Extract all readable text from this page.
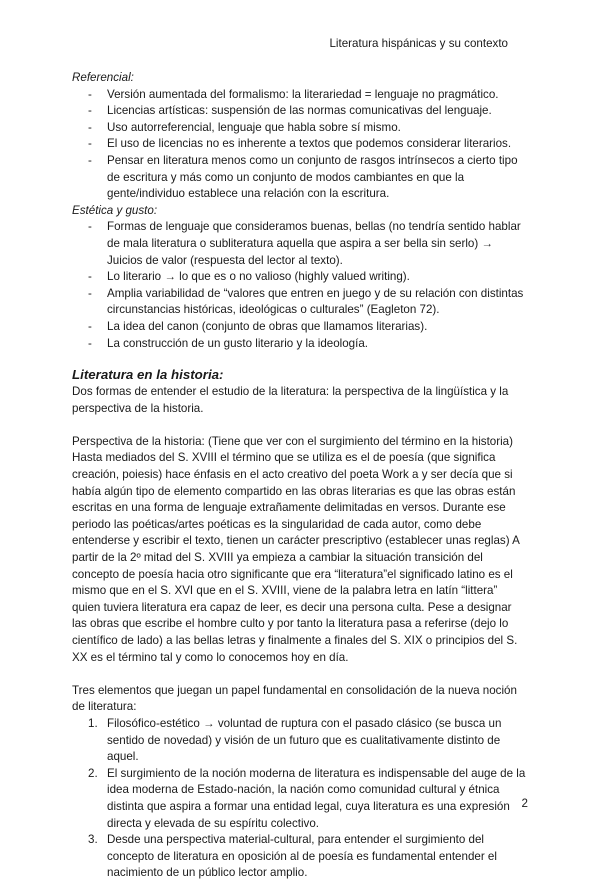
Literatura hispánicas y su contexto

Referencial:

- Versión aumentada del formalismo: la literariedad = lenguaje no pragmático.
- Licencias artísticas: suspensión de las normas comunicativas del lenguaje.
- Uso autorreferencial, lenguaje que habla sobre sí mismo.
- El uso de licencias no es inherente a textos que podemos considerar literarios.
- Pensar en literatura menos como un conjunto de rasgos intrínsecos a cierto tipo de escritura y más como un conjunto de modos cambiantes en que la gente/individuo establece una relación con la escritura.

Estética y gusto:

- Formas de lenguaje que consideramos buenas, bellas (no tendría sentido hablar de mala literatura o subliteratura aquella que aspira a ser bella sin serlo) → Juicios de valor (respuesta del lector al texto).
- Lo literario → lo que es o no valioso (highly valued writing).
- Amplia variabilidad de “valores que entren en juego y de su relación con distintas circunstancias históricas, ideológicas o culturales” (Eagleton 72).
- La idea del canon (conjunto de obras que llamamos literarias).
- La construcción de un gusto literario y la ideología.

Literatura en la historia:

Dos formas de entender el estudio de la literatura: la perspectiva de la lingüística y la perspectiva de la historia.

Perspectiva de la historia: (Tiene que ver con el surgimiento del término en la historia) Hasta mediados del S. XVIII el término que se utiliza es el de poesía (que significa creación, poiesis) hace énfasis en el acto creativo del poeta Work a y ser decía que si había algún tipo de elemento compartido en las obras literarias es que las obras están escritas en una forma de lenguaje extrañamente delimitadas en versos. Durante ese periodo las poéticas/artes poéticas es la singularidad de cada autor, como debe entenderse y escribir el texto, tienen un carácter prescriptivo (establecer unas reglas) A partir de la 2º mitad del S. XVIII ya empieza a cambiar la situación transición del concepto de poesía hacia otro significante que era “literatura”el significado latino es el mismo que en el S. XVI que en el S. XVIII, viene de la palabra letra en latín “littera” quien tuviera literatura era capaz de leer, es decir una persona culta. Pese a designar las obras que escribe el hombre culto y por tanto la literatura pasa a referirse (dejo lo científico de lado) a las bellas letras y finalmente a finales del S. XIX o principios del S. XX es el término tal y como lo conocemos hoy en día.

Tres elementos que juegan un papel fundamental en consolidación de la nueva noción de literatura:

1. Filosófico-estético → voluntad de ruptura con el pasado clásico (se busca un sentido de novedad) y visión de un futuro que es cualitativamente distinto de aquel.
2. El surgimiento de la noción moderna de literatura es indispensable del auge de la idea moderna de Estado-nación, la nación como comunidad cultural y étnica distinta que aspira a formar una entidad legal, cuya literatura es una expresión directa y elevada de su espíritu colectivo.
3. Desde una perspectiva material-cultural, para entender el surgimiento del concepto de literatura en oposición al de poesía es fundamental entender el nacimiento de un público lector amplio.
2
